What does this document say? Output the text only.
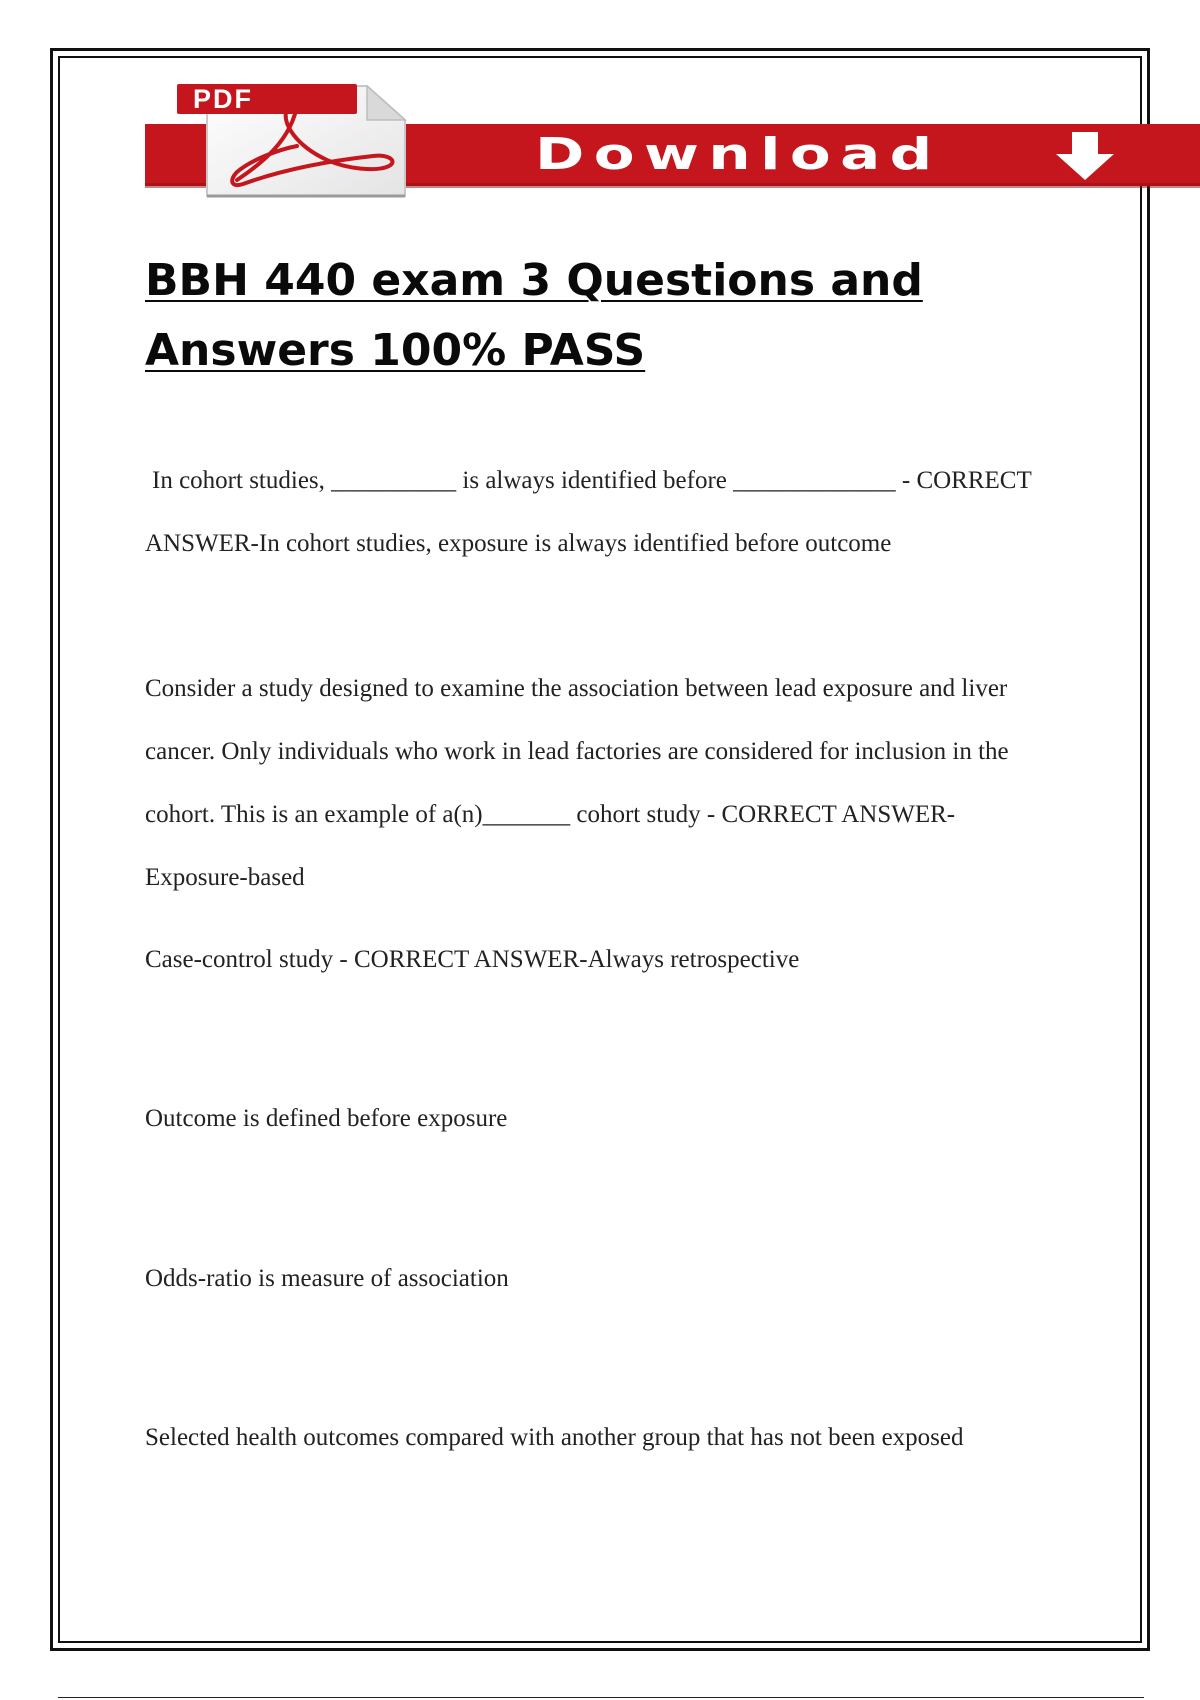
PDF
Download
BBH 440 exam 3 Questions and
Answers 100% PASS

In cohort studies, __________ is always identified before _____________ - CORRECT ANSWER-In cohort studies, exposure is always identified before outcome

Consider a study designed to examine the association between lead exposure and liver cancer. Only individuals who work in lead factories are considered for inclusion in the cohort. This is an example of a(n)_______ cohort study - CORRECT ANSWER-Exposure-based

Case-control study - CORRECT ANSWER-Always retrospective

Outcome is defined before exposure

Odds-ratio is measure of association

Selected health outcomes compared with another group that has not been exposed
